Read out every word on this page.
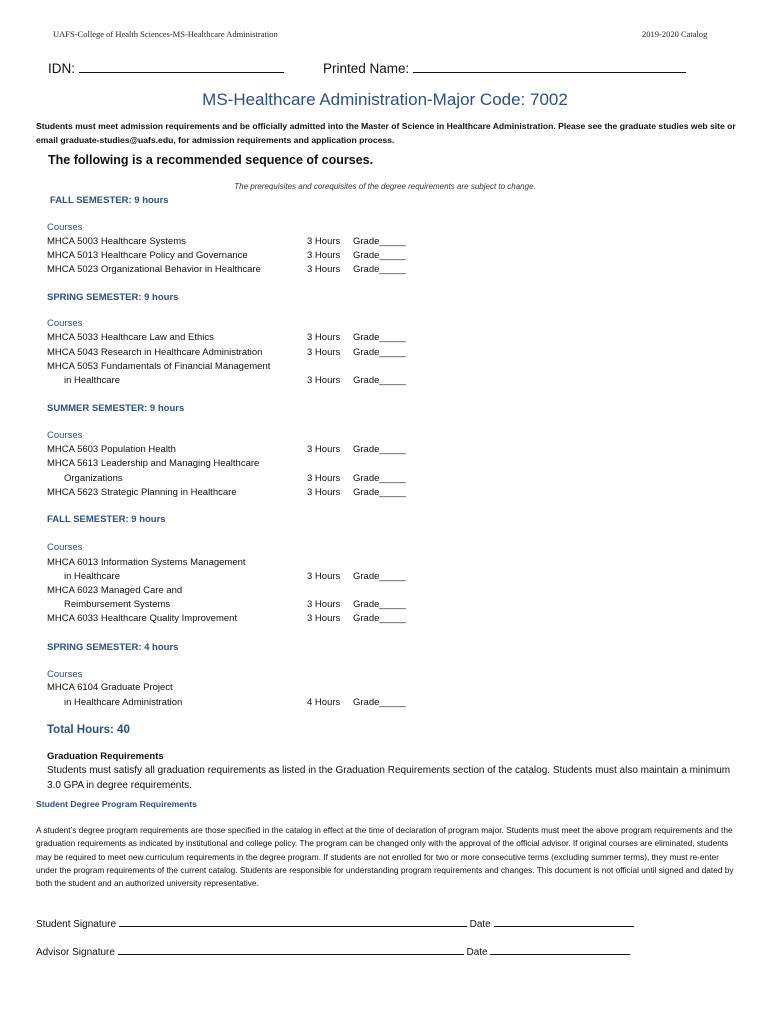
UAFS-College of Health Sciences-MS-Healthcare Administration	2019-2020 Catalog
IDN:	Printed Name:
MS-Healthcare Administration-Major Code: 7002
Students must meet admission requirements and be officially admitted into the Master of Science in Healthcare Administration. Please see the graduate studies web site or email graduate-studies@uafs.edu, for admission requirements and application process.
The following is a recommended sequence of courses.
The prerequisites and corequisites of the degree requirements are subject to change.
FALL SEMESTER: 9 hours
Courses
MHCA 5003 Healthcare Systems	3 Hours Grade_____
MHCA 5013 Healthcare Policy and Governance	3 Hours Grade_____
MHCA 5023 Organizational Behavior in Healthcare	3 Hours Grade_____
SPRING SEMESTER: 9 hours
Courses
MHCA 5033 Healthcare Law and Ethics	3 Hours Grade_____
MHCA 5043 Research in Healthcare Administration	3 Hours Grade_____
MHCA 5053 Fundamentals of Financial Management
in Healthcare	3 Hours Grade_____
SUMMER SEMESTER: 9 hours
Courses
MHCA 5603 Population Health	3 Hours Grade_____
MHCA 5613 Leadership and Managing Healthcare
Organizations	3 Hours Grade_____
MHCA 5623 Strategic Planning in Healthcare	3 Hours Grade_____
FALL SEMESTER: 9 hours
Courses
MHCA 6013 Information Systems Management
in Healthcare	3 Hours Grade_____
MHCA 6023 Managed Care and
Reimbursement Systems	3 Hours Grade_____
MHCA 6033 Healthcare Quality Improvement	3 Hours Grade_____
SPRING SEMESTER: 4 hours
Courses
MHCA 6104 Graduate Project
in Healthcare Administration	4 Hours Grade_____
Total Hours: 40
Graduation Requirements
Students must satisfy all graduation requirements as listed in the Graduation Requirements section of the catalog. Students must also maintain a minimum 3.0 GPA in degree requirements.
Student Degree Program Requirements
A student’s degree program requirements are those specified in the catalog in effect at the time of declaration of program major. Students must meet the above program requirements and the graduation requirements as indicated by institutional and college policy. The program can be changed only with the approval of the official advisor. If original courses are eliminated, students may be required to meet new curriculum requirements in the degree program. If students are not enrolled for two or more consecutive terms (excluding summer terms), they must re-enter under the program requirements of the current catalog. Students are responsible for understanding program requirements and changes. This document is not official until signed and dated by both the student and an authorized university representative.
Student Signature	Date
Advisor Signature	Date
